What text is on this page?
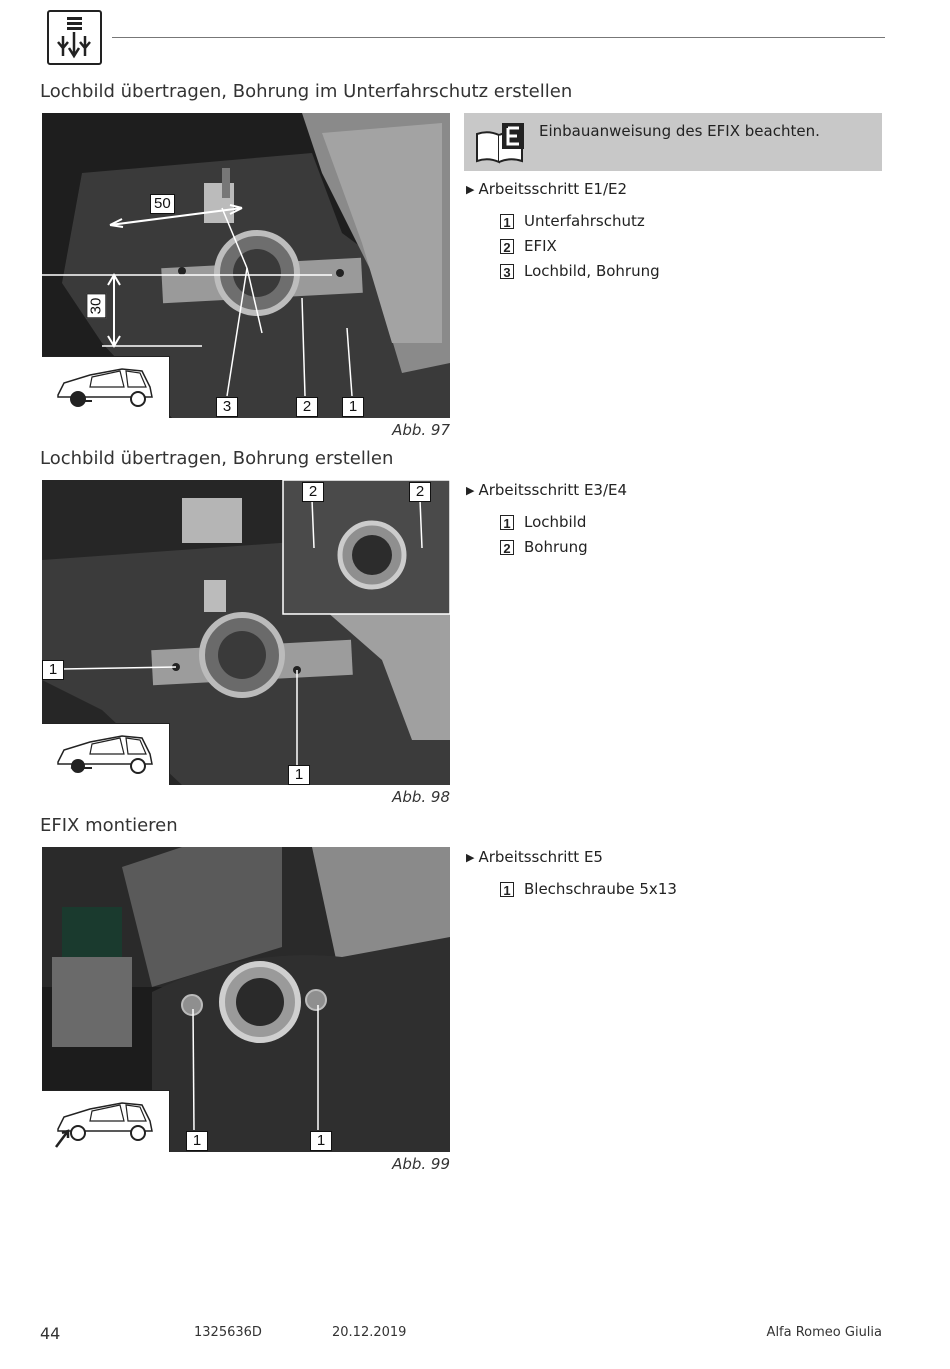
Lochbild übertragen, Bohrung im Unterfahrschutz erstellen
50
30
3	2	1
Abb. 97
Einbauanweisung des EFIX beachten.
▶ Arbeitsschritt E1/E2
1 Unterfahrschutz
2 EFIX
3 Lochbild, Bohrung
Lochbild übertragen, Bohrung erstellen
2	2
1
1
Abb. 98
▶ Arbeitsschritt E3/E4
1 Lochbild
2 Bohrung
EFIX montieren
1	1
Abb. 99
▶ Arbeitsschritt E5
1 Blechschraube 5x13
44	1325636D	20.12.2019	Alfa Romeo Giulia
